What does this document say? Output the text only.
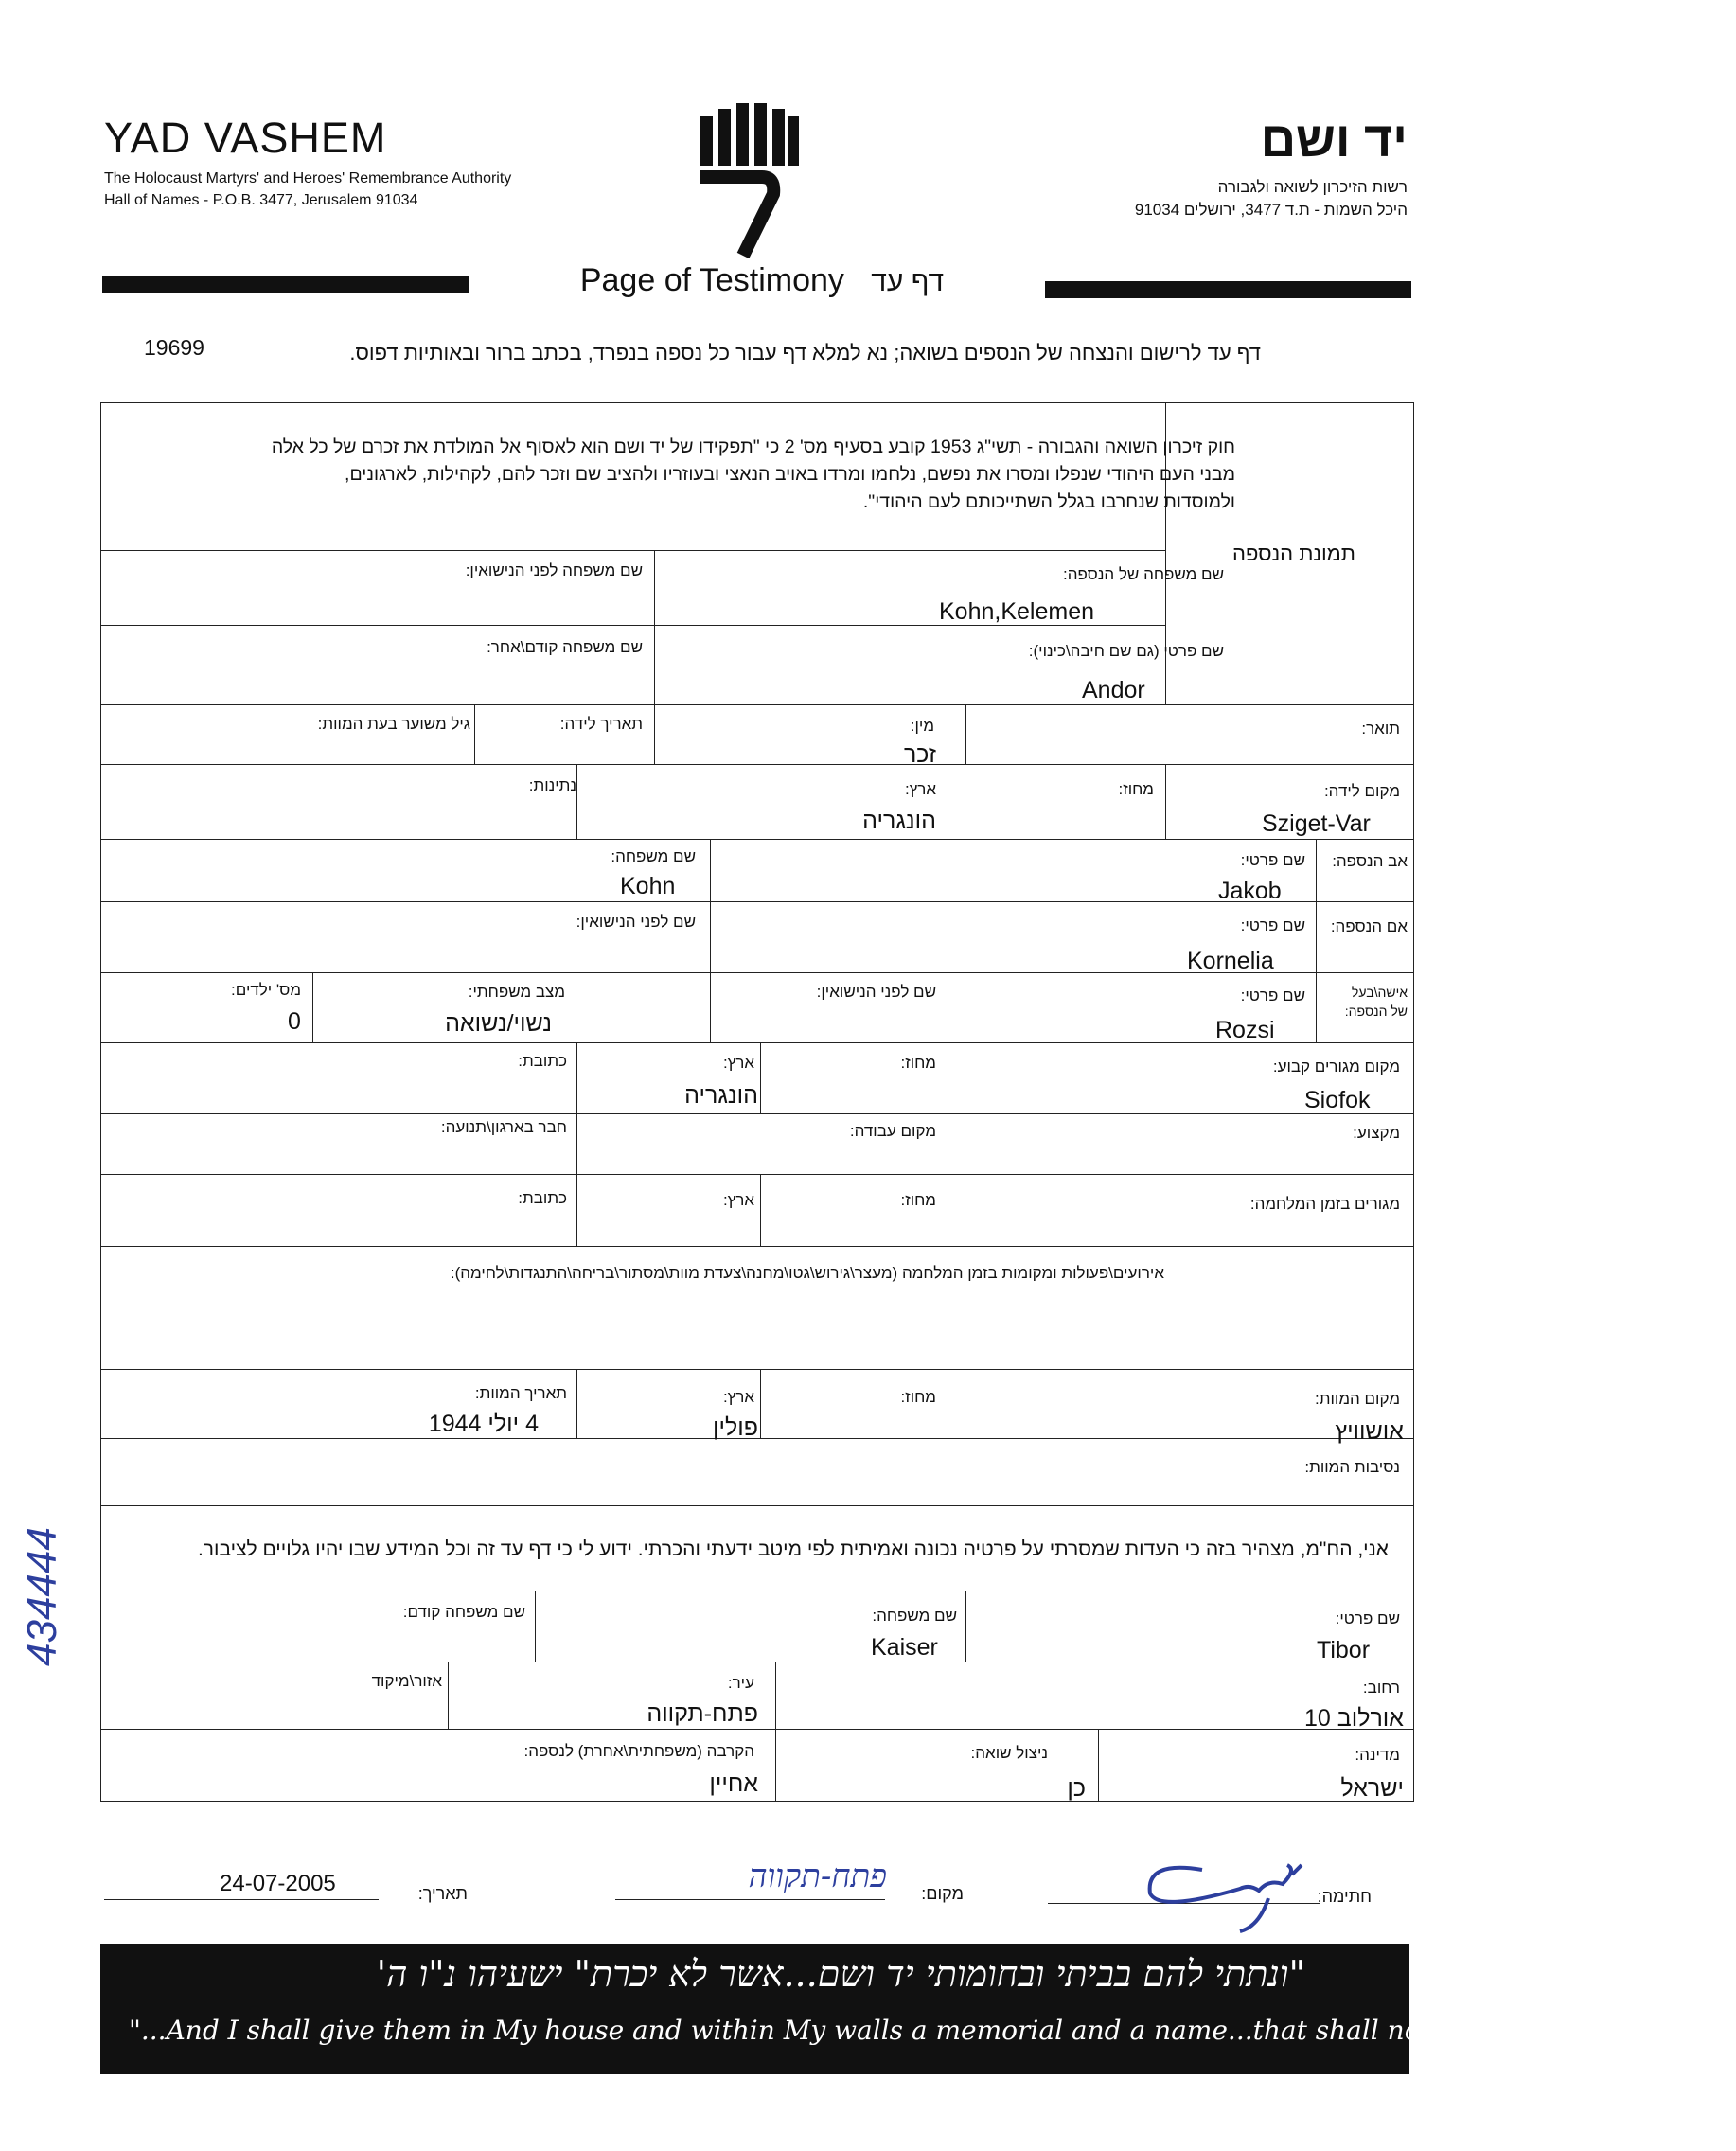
YAD VASHEM
The Holocaust Martyrs' and Heroes' Remembrance Authority
Hall of Names - P.O.B. 3477, Jerusalem 91034
יד ושם
רשות הזיכרון לשואה ולגבורה
היכל השמות - ת.ד 3477, ירושלים 91034
Page of Testimony דף עד
דף עד לרישום והנצחה של הנספים בשואה; נא למלא דף עבור כל נספה בנפרד, בכתב ברור ובאותיות דפוס.
19699
חוק זיכרון השואה והגבורה - תשי"ג 1953 קובע בסעיף מס' 2 כי "תפקידו של יד ושם הוא לאסוף אל המולדת את זכרם של כל אלה מבני העם היהודי שנפלו ומסרו את נפשם, נלחמו ומרדו באויב הנאצי ובעוזריו ולהציב שם וזכר להם, לקהילות, לארגונים, ולמוסדות שנחרבו בגלל השתייכותם לעם היהודי".
תמונת הנספה
שם משפחה של הנספה:
Kohn,Kelemen
שם משפחה לפני הנישואין:
שם פרטי (גם שם חיבה\כינוי):
Andor
שם משפחה קודם\אחר:
תואר:
מין:
זכר
תאריך לידה:
גיל משוער בעת המוות:
מקום לידה:
Sziget-Var
מחוז:
ארץ:
הונגריה
נתינות:
אב הנספה:
שם פרטי:
Jakob
שם משפחה:
Kohn
אם הנספה:
שם פרטי:
Kornelia
שם לפני הנישואין:
אישה\בעל
של הנספה:
שם פרטי:
Rozsi
שם לפני הנישואין:
מצב משפחתי:
נשוי/נשואה
מס' ילדים:
0
מקום מגורים קבוע:
Siofok
מחוז:
ארץ:
הונגריה
כתובת:
מקצוע:
מקום עבודה:
חבר בארגון\תנועה:
מגורים בזמן המלחמה:
מחוז:
ארץ:
כתובת:
אירועים\פעולות ומקומות בזמן המלחמה (מעצר\גירוש\גטו\מחנה\צעדת מוות\מסתור\בריחה\התנגדות\לחימה):
מקום המוות:
אושוויץ
מחוז:
ארץ:
פולין
תאריך המוות:
4 יולי 1944
נסיבות המוות:
אני, הח"מ, מצהיר בזה כי העדות שמסרתי על פרטיה נכונה ואמיתית לפי מיטב ידעתי והכרתי. ידוע לי כי דף עד זה וכל המידע שבו יהיו גלויים לציבור.
שם פרטי:
Tibor
שם משפחה:
Kaiser
שם משפחה קודם:
רחוב:
אורלוב 10
עיר:
פתח-תקווה
אזור\מיקוד
מדינה:
ישראל
ניצול שואה:
כן
הקרבה (משפחתית\אחרת) לנספה:
אחיין
חתימה:
מקום:
פתח-תקווה
תאריך:
24-07-2005
"ונתתי להם בביתי ובחומותי יד ושם...אשר לא יכרת" ישעיהו נ"ו ה'
"...And I shall give them in My house and within My walls a memorial and a name...that shall not be cut off" Isaiah 56:5
434444
